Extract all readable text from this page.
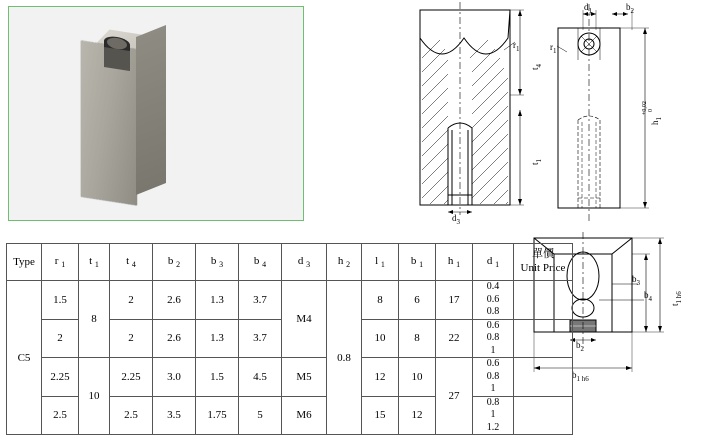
$r_1$
$t_4$
$t_1$
$d_3$
$d_1$	$b_2$
$r_1$
$h_1$
+0,02
0
$b_3$
$b_4$
$t_{1 h6}$
$b_2$
$b_{1 h6}$
Type	r $_1$	t $_1$	t $_4$	b $_2$	b $_3$	b $_4$	d $_3$	h $_2$	l $_1$	b $_1$	h $_1$	d $_1$	單價
Unit Price

C5	1.5	8	2	2.6	1.3	3.7	M4	0.8	8	6	17	0.4
0.6
0.8	
	2		2	2.6	1.3	3.7			10	8	22	0.6
0.8
1	
	2.25	10	2.25	3.0	1.5	4.5	M5		12	10	27	0.6
0.8
1	
	2.5		2.5	3.5	1.75	5	M6		15	12		0.8
1
1.2	
